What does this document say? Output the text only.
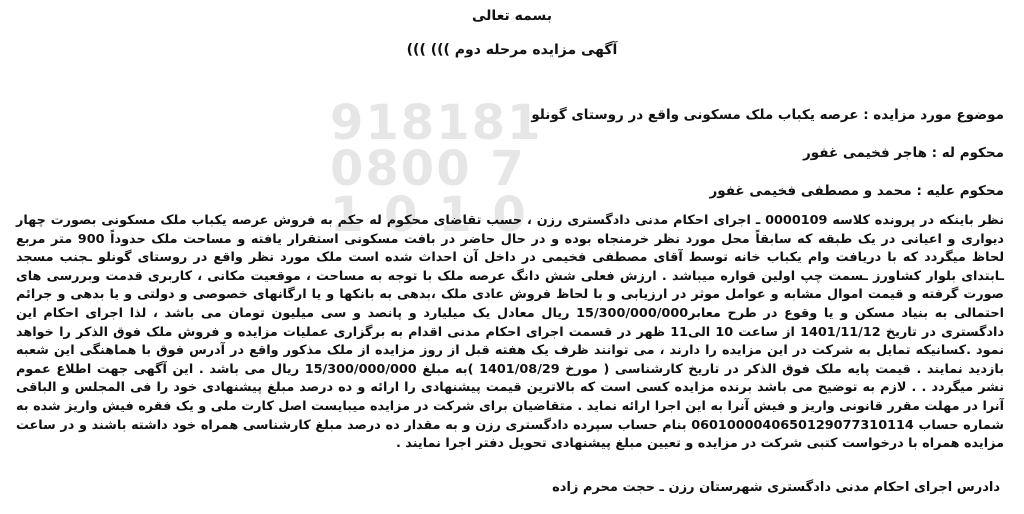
918181
0800 7
1 0 1 0
بسمه تعالی
آگهی مزایده مرحله دوم ))) )))
موضوع مورد مزایده : عرصه یکباب ملک مسکونی واقع در روستای گونلو
محکوم له : هاجر فخیمی غفور
محکوم علیه : محمد و مصطفی فخیمی غفور
نظر باینکه در پرونده کلاسه 0000109 ـ اجرای احکام مدنی دادگستری رزن ، حسب تقاضای محکوم له حکم به فروش عرصه یکباب ملک مسکونی بصورت چهار دیواری و اعیانی در یک طبقه که سابقاً محل مورد نظر خرمنجاه بوده و در حال حاضر در بافت مسکونی استقرار یافته و مساحت ملک حدوداً 900 متر مربع لحاظ میگردد که با دریافت وام یکباب خانه توسط آقای مصطفی فخیمی در داخل آن احداث شده است ملک مورد نظر واقع در روستای گونلو ـجنب مسجد ـابتدای بلوار کشاورز ـسمت چپ اولین قواره میباشد . ارزش فعلی شش دانگ عرصه ملک با توجه به مساحت ، موقعیت مکانی ، کاربری قدمت وبررسی های صورت گرفته و قیمت اموال مشابه و عوامل موثر در ارزیابی و با لحاظ فروش عادی ملک ،بدهی به بانکها و یا ارگانهای خصوصی و دولتی و یا بدهی و جرائم احتمالی به بنیاد مسکن و یا وقوع در طرح معابر15/300/000/000 ریال معادل یک میلیارد و پانصد و سی میلیون تومان می باشد ، لذا اجرای احکام این دادگستری در تاریخ 1401/11/12 از ساعت 10 الی11 ظهر در قسمت اجرای احکام مدنی اقدام به برگزاری عملیات مزایده و فروش ملک فوق الذکر را خواهد نمود .کسانیکه تمایل به شرکت در این مزایده را دارند ، می توانند ظرف یک هفته قبل از روز مزایده از ملک مذکور واقع در آدرس فوق با هماهنگی این شعبه بازدید نمایند . قیمت پایه ملک فوق الذکر در تاریخ کارشناسی ( مورخ 1401/08/29 )به مبلغ 15/300/000/000 ریال می باشد . این آگهی جهت اطلاع عموم نشر میگردد . . لازم به توضیح می باشد برنده مزایده کسی است که بالاترین قیمت پیشنهادی را ارائه و ده درصد مبلغ پیشنهادی خود را فی المجلس و الباقی آنرا در مهلت مقرر قانونی واریز و فیش آنرا به این اجرا ارائه نماید . متقاضیان برای شرکت در مزایده میبایست اصل کارت ملی و یک فقره فیش واریز شده به شماره حساب 0601000040650129077310114 بنام حساب سپرده دادگستری رزن و به مقدار ده درصد مبلغ کارشناسی همراه خود داشته باشند و در ساعت مزایده همراه با درخواست کتبی شرکت در مزایده و تعیین مبلغ پیشنهادی تحویل دفتر اجرا نمایند .
دادرس اجرای احکام مدنی دادگستری شهرستان رزن ـ حجت محرم زاده
